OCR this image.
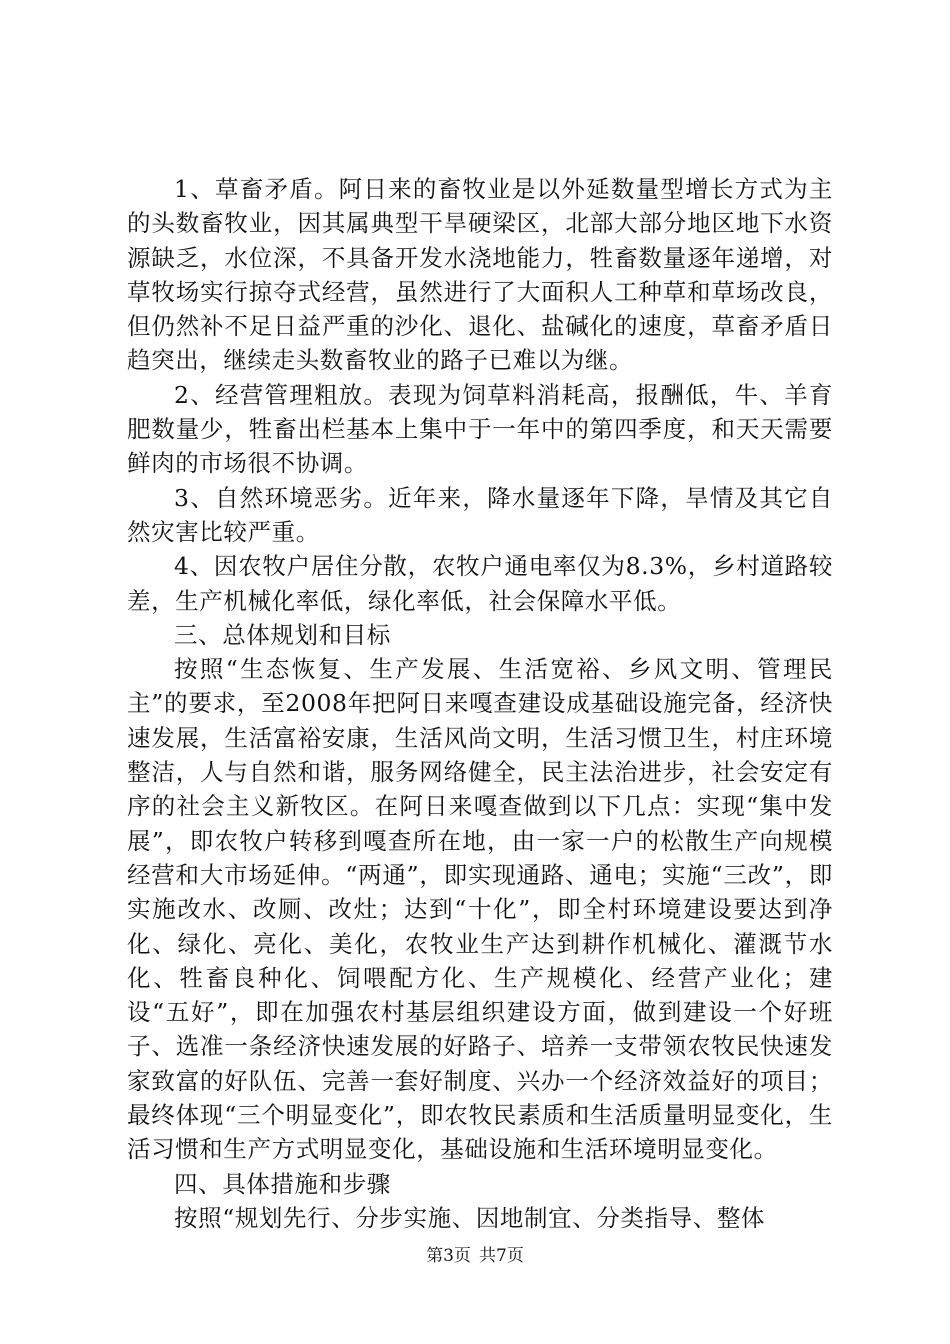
1、草畜矛盾。阿日来的畜牧业是以外延数量型增长方式为主的头数畜牧业，因其属典型干旱硬梁区，北部大部分地区地下水资源缺乏，水位深，不具备开发水浇地能力，牲畜数量逐年递增，对草牧场实行掠夺式经营，虽然进行了大面积人工种草和草场改良，但仍然补不足日益严重的沙化、退化、盐碱化的速度，草畜矛盾日趋突出，继续走头数畜牧业的路子已难以为继。

2、经营管理粗放。表现为饲草料消耗高，报酬低，牛、羊育肥数量少，牲畜出栏基本上集中于一年中的第四季度，和天天需要鲜肉的市场很不协调。

3、自然环境恶劣。近年来，降水量逐年下降，旱情及其它自然灾害比较严重。

4、因农牧户居住分散，农牧户通电率仅为8.3%，乡村道路较差，生产机械化率低，绿化率低，社会保障水平低。

三、总体规划和目标

按照“生态恢复、生产发展、生活宽裕、乡风文明、管理民主”的要求，至2008年把阿日来嘎查建设成基础设施完备，经济快速发展，生活富裕安康，生活风尚文明，生活习惯卫生，村庄环境整洁，人与自然和谐，服务网络健全，民主法治进步，社会安定有序的社会主义新牧区。在阿日来嘎查做到以下几点：实现“集中发展”，即农牧户转移到嘎查所在地，由一家一户的松散生产向规模经营和大市场延伸。“两通”，即实现通路、通电；实施“三改”，即实施改水、改厕、改灶；达到“十化”，即全村环境建设要达到净化、绿化、亮化、美化，农牧业生产达到耕作机械化、灌溉节水化、牲畜良种化、饲喂配方化、生产规模化、经营产业化；建设“五好”，即在加强农村基层组织建设方面，做到建设一个好班子、选准一条经济快速发展的好路子、培养一支带领农牧民快速发家致富的好队伍、完善一套好制度、兴办一个经济效益好的项目；最终体现“三个明显变化”，即农牧民素质和生活质量明显变化，生活习惯和生产方式明显变化，基础设施和生活环境明显变化。

四、具体措施和步骤

按照“规划先行、分步实施、因地制宜、分类指导、整体

第3页 共7页
